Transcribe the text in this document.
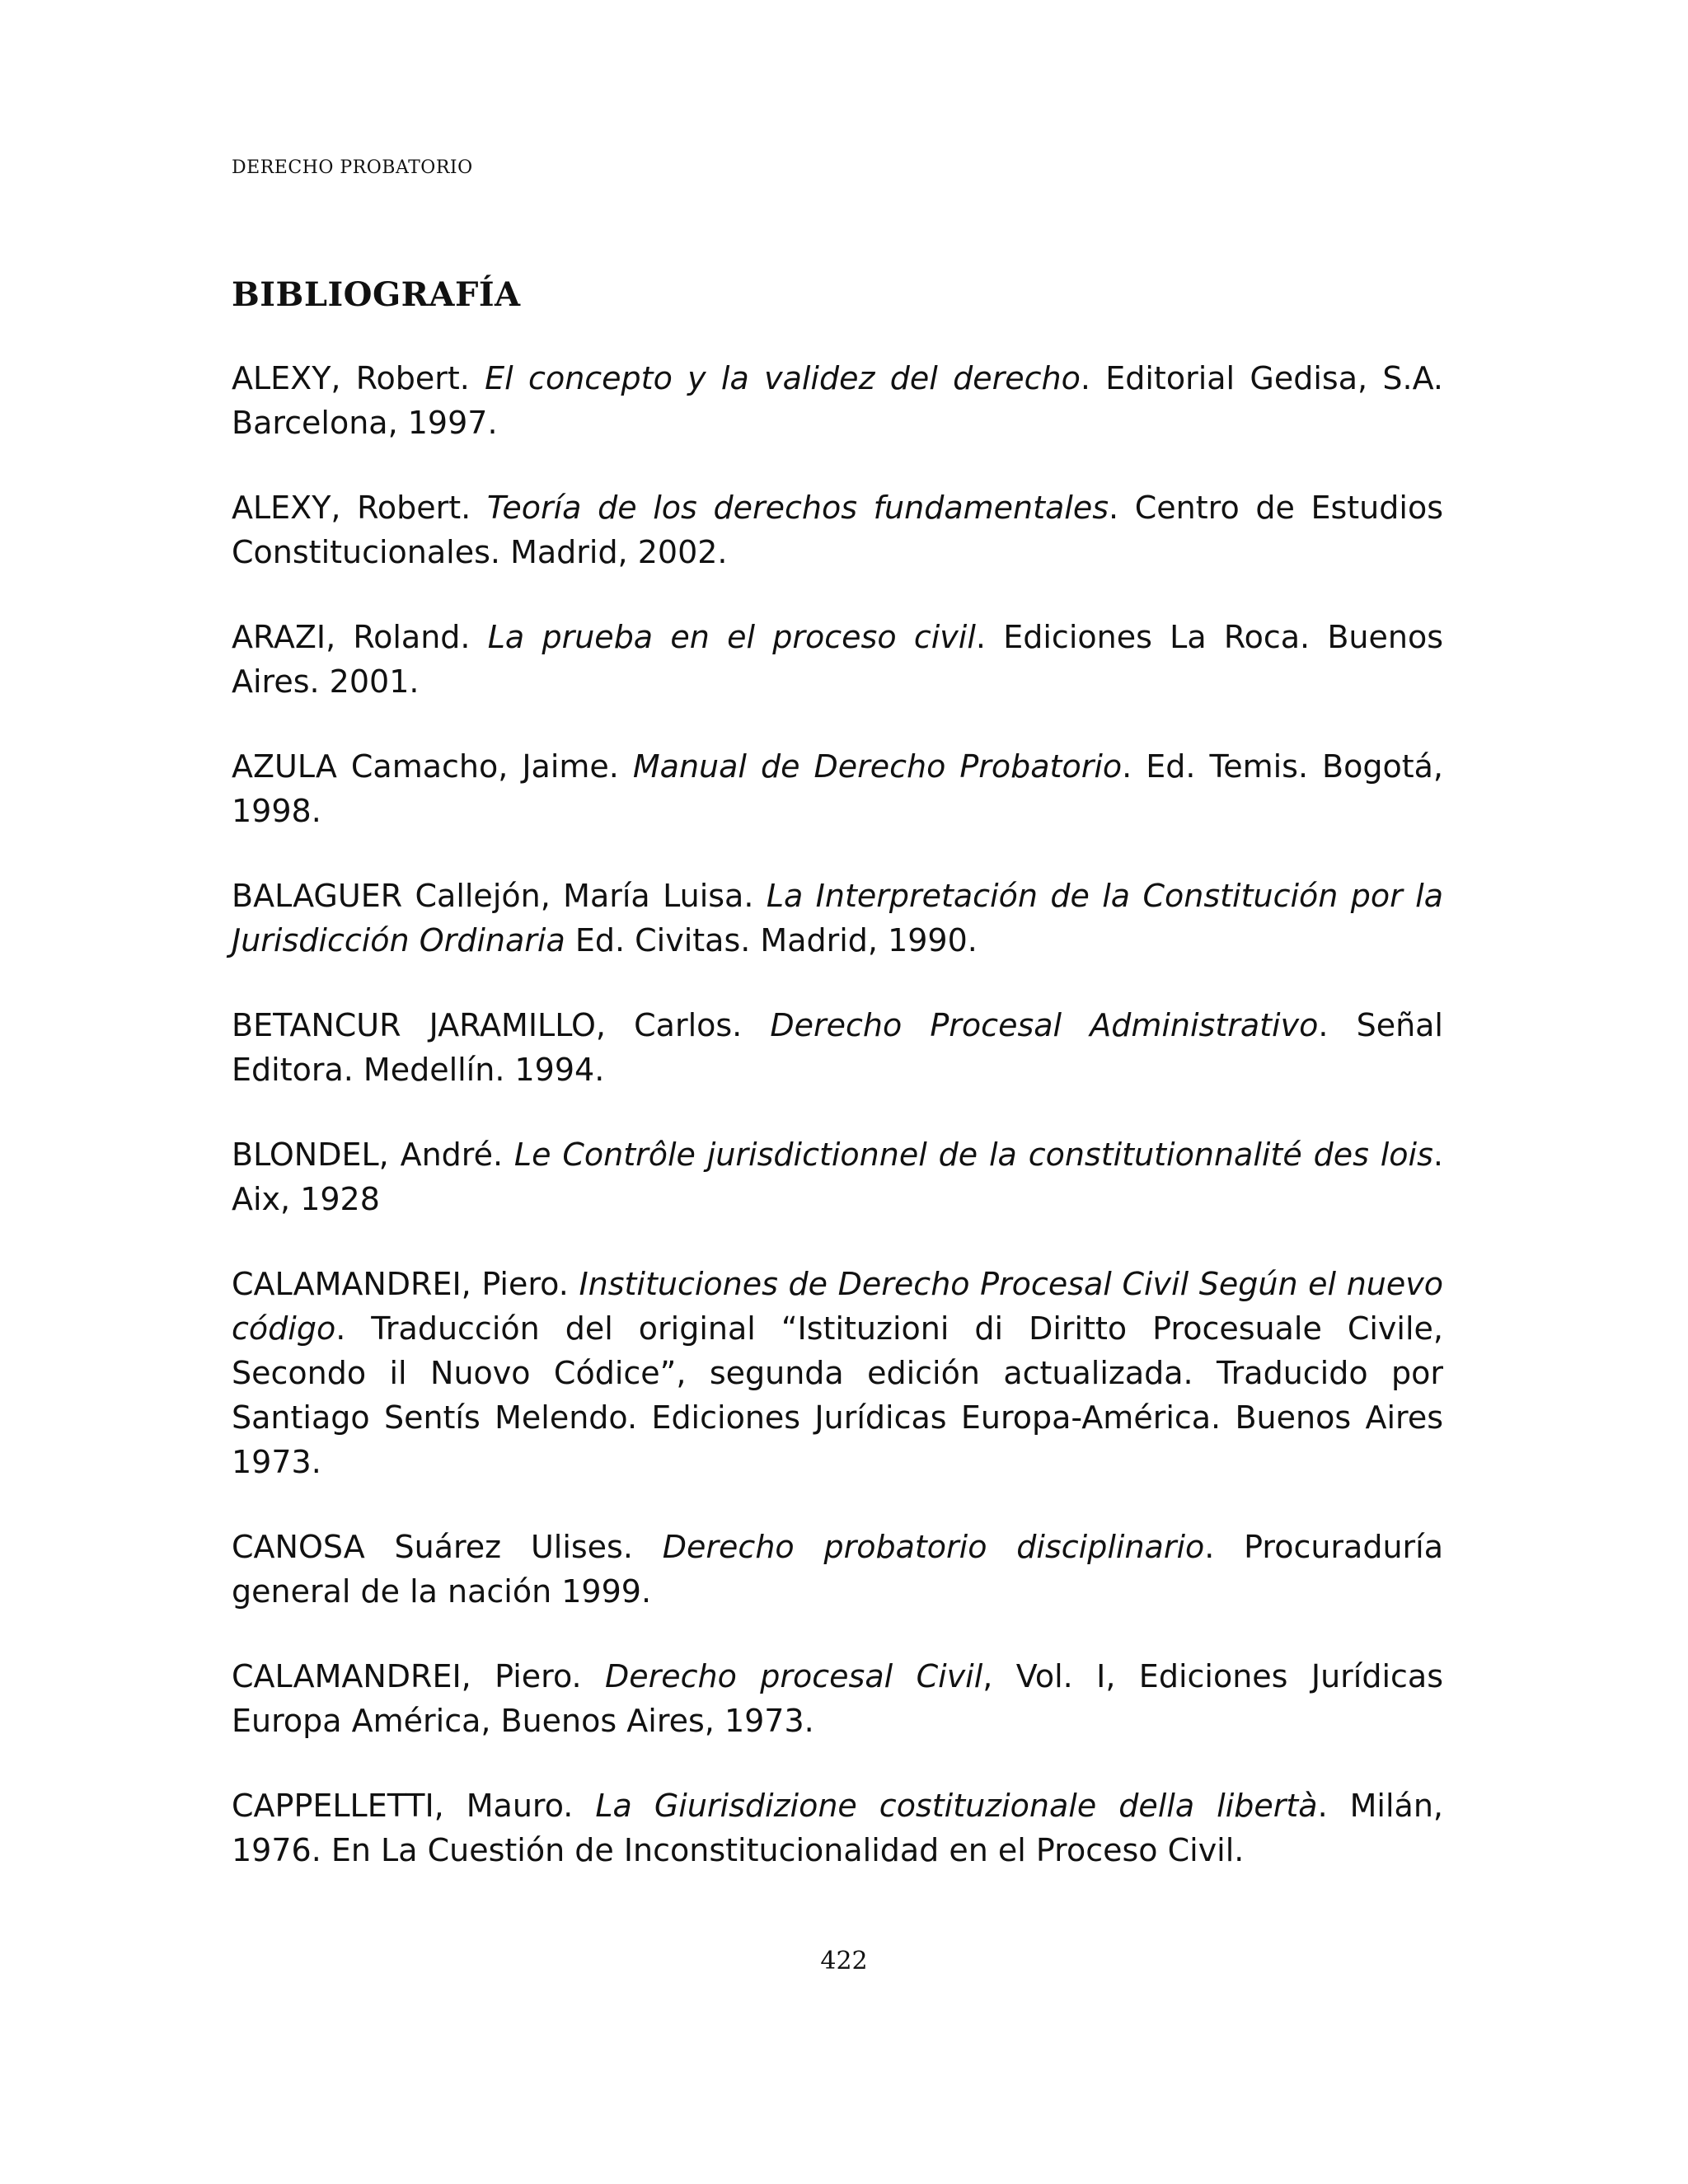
DERECHO PROBATORIO
BIBLIOGRAFÍA
ALEXY, Robert. El concepto y la validez del derecho. Editorial Gedisa, S.A. Barcelona, 1997.
ALEXY, Robert. Teoría de los derechos fundamentales. Centro de Estudios Constitucionales. Madrid, 2002.
ARAZI, Roland. La prueba en el proceso civil. Ediciones La Roca. Buenos Aires. 2001.
AZULA Camacho, Jaime. Manual de Derecho Probatorio. Ed. Temis. Bogotá, 1998.
BALAGUER Callejón, María Luisa. La Interpretación de la Constitución por la Jurisdicción Ordinaria Ed. Civitas. Madrid, 1990.
BETANCUR JARAMILLO, Carlos. Derecho Procesal Administrativo. Señal Editora. Medellín. 1994.
BLONDEL, André. Le Contrôle jurisdictionnel de la constitutionnalité des lois. Aix, 1928
CALAMANDREI, Piero. Instituciones de Derecho Procesal Civil Según el nuevo código. Traducción del original “Istituzioni di Diritto Procesuale Civile, Secondo il Nuovo Códice”, segunda edición actualizada. Traducido por Santiago Sentís Melendo. Ediciones Jurídicas Europa-América. Buenos Aires 1973.
CANOSA Suárez Ulises. Derecho probatorio disciplinario. Procuraduría general de la nación 1999.
CALAMANDREI, Piero. Derecho procesal Civil, Vol. I, Ediciones Jurídicas Europa América, Buenos Aires, 1973.
CAPPELLETTI, Mauro. La Giurisdizione costituzionale della libertà. Milán, 1976. En La Cuestión de Inconstitucionalidad en el Proceso Civil.
422
